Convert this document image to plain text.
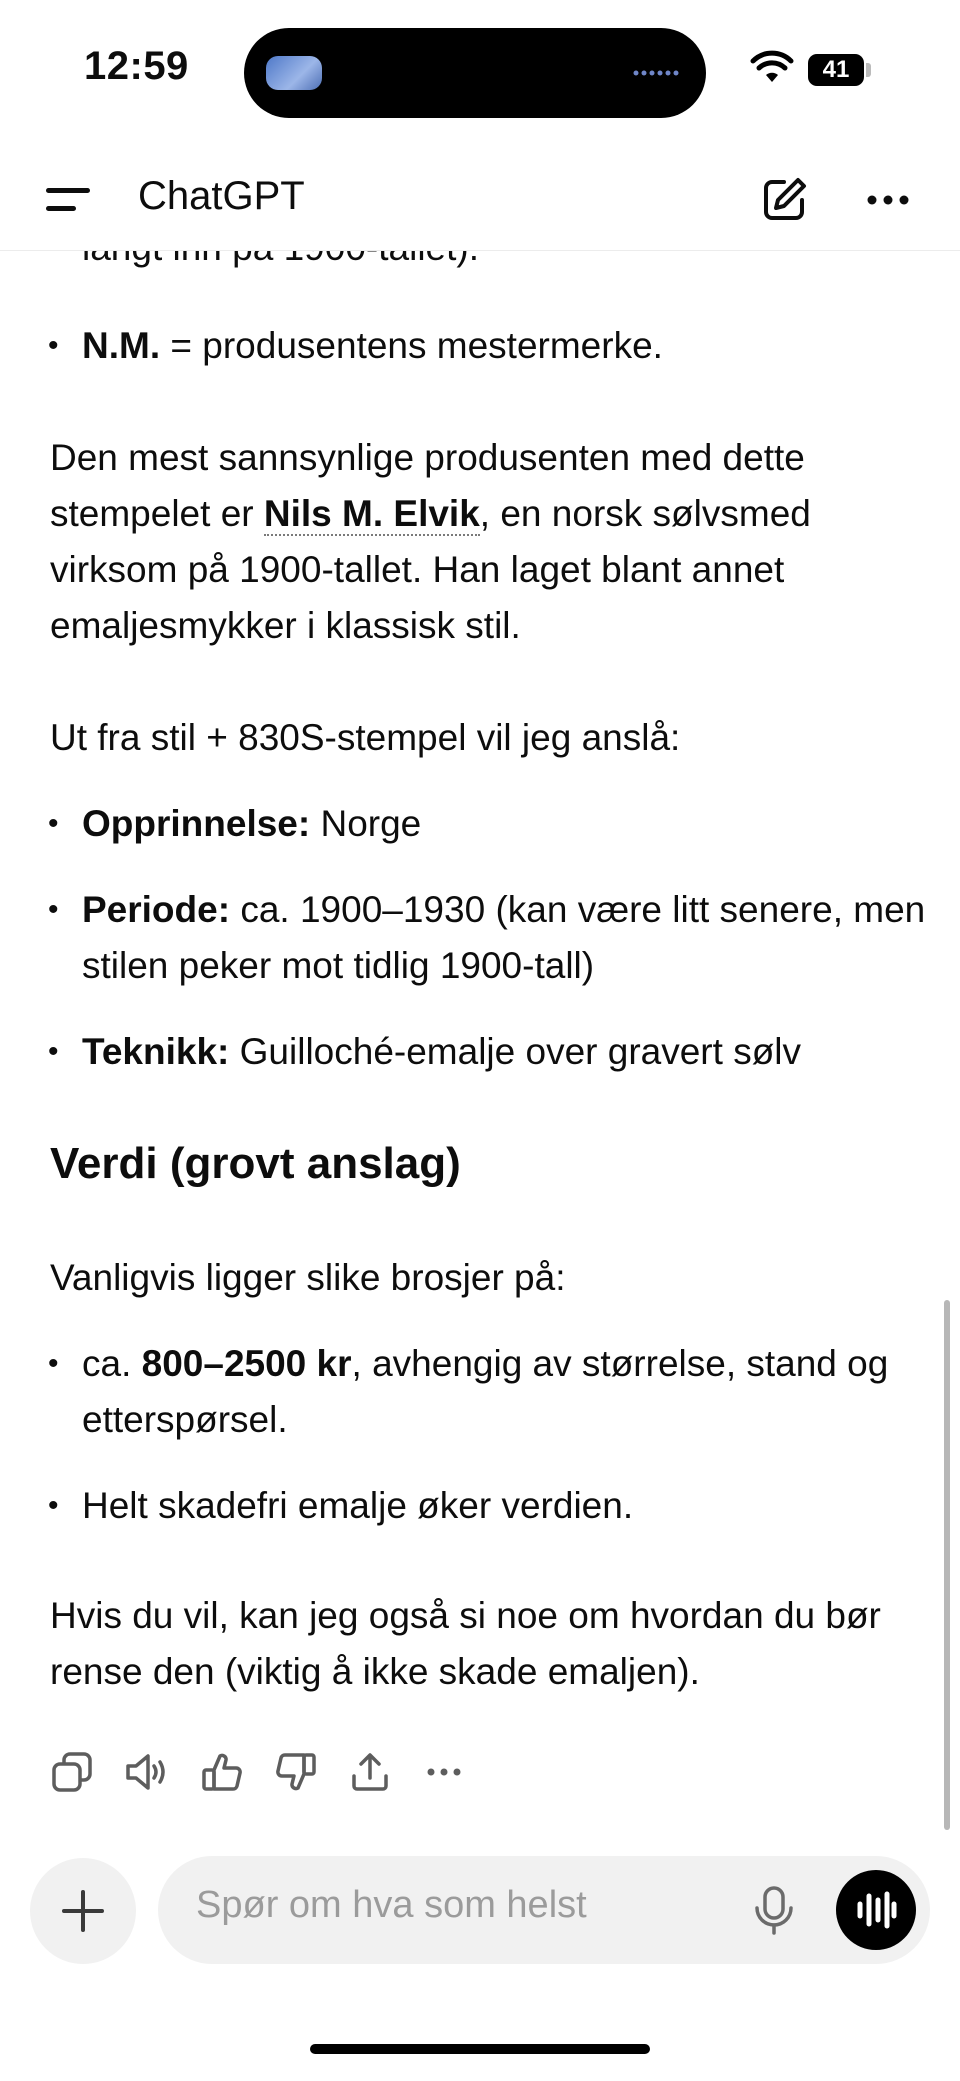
12:59	41
ChatGPT
• N.M. = produsentens mestermerke.
Den mest sannsynlige produsenten med dette stempelet er Nils M. Elvik, en norsk sølvsmed virksom på 1900-tallet. Han laget blant annet emaljesmykker i klassisk stil.
Ut fra stil + 830S-stempel vil jeg anslå:
• Opprinnelse: Norge
• Periode: ca. 1900–1930 (kan være litt senere, men stilen peker mot tidlig 1900-tall)
• Teknikk: Guilloché-emalje over gravert sølv
Verdi (grovt anslag)
Vanligvis ligger slike brosjer på:
• ca. 800–2500 kr, avhengig av størrelse, stand og etterspørsel.
• Helt skadefri emalje øker verdien.
Hvis du vil, kan jeg også si noe om hvordan du bør rense den (viktig å ikke skade emaljen).
Spør om hva som helst
